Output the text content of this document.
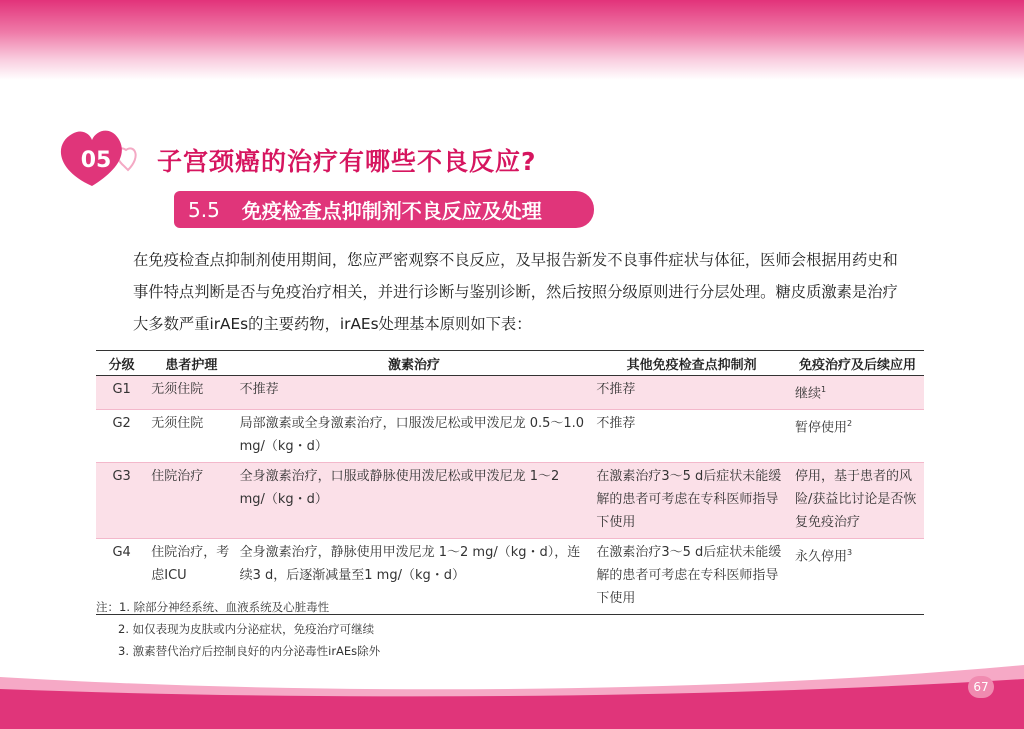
05 子宫颈癌的治疗有哪些不良反应?
5.5 免疫检查点抑制剂不良反应及处理
在免疫检查点抑制剂使用期间，您应严密观察不良反应，及早报告新发不良事件症状与体征，医师会根据用药史和事件特点判断是否与免疫治疗相关，并进行诊断与鉴别诊断，然后按照分级原则进行分层处理。糖皮质激素是治疗大多数严重irAEs的主要药物，irAEs处理基本原则如下表：
分级	患者护理	激素治疗	其他免疫检查点抑制剂	免疫治疗及后续应用
G1	无须住院	不推荐	不推荐	继续$^1$
G2	无须住院	局部激素或全身激素治疗，口服泼尼松或甲泼尼龙 0.5～1.0 mg/（kg・d）	不推荐	暂停使用$^2$
G3	住院治疗	全身激素治疗，口服或静脉使用泼尼松或甲泼尼龙 1～2 mg/（kg・d）	在激素治疗3～5 d后症状未能缓解的患者可考虑在专科医师指导下使用	停用，基于患者的风险/获益比讨论是否恢复免疫治疗
G4	住院治疗，考虑ICU	全身激素治疗，静脉使用甲泼尼龙 1～2 mg/（kg・d），连续3 d，后逐渐减量至1 mg/（kg・d）	在激素治疗3～5 d后症状未能缓解的患者可考虑在专科医师指导下使用	永久停用$^3$
注：1. 除部分神经系统、血液系统及心脏毒性
2. 如仅表现为皮肤或内分泌症状，免疫治疗可继续
3. 激素替代治疗后控制良好的内分泌毒性irAEs除外
67
